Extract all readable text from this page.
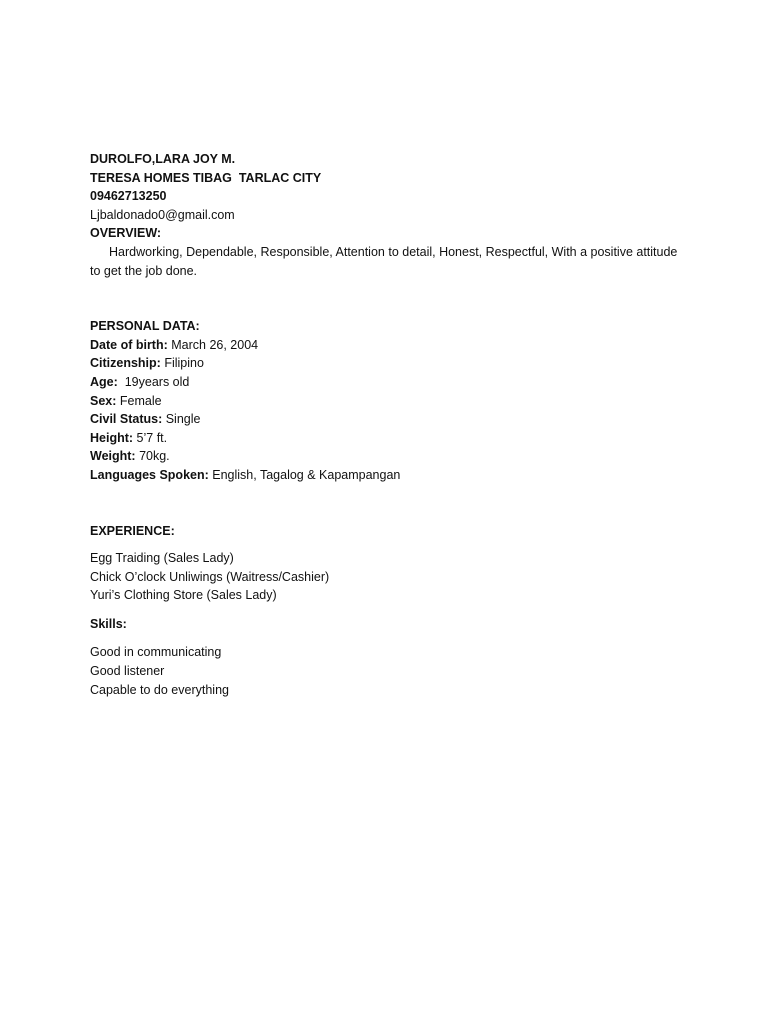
DUROLFO,LARA JOY M.

TERESA HOMES TIBAG  TARLAC CITY

09462713250

Ljbaldonado0@gmail.com

OVERVIEW:

Hardworking, Dependable, Responsible, Attention to detail, Honest, Respectful, With a positive attitude to get the job done.

PERSONAL DATA:

Date of birth: March 26, 2004

Citizenship: Filipino

Age:  19years old

Sex: Female

Civil Status: Single

Height: 5’7 ft.

Weight: 70kg.

Languages Spoken: English, Tagalog & Kapampangan

EXPERIENCE:

Egg Traiding (Sales Lady)

Chick O’clock Unliwings (Waitress/Cashier)

Yuri’s Clothing Store (Sales Lady)

Skills:

Good in communicating

Good listener

Capable to do everything
